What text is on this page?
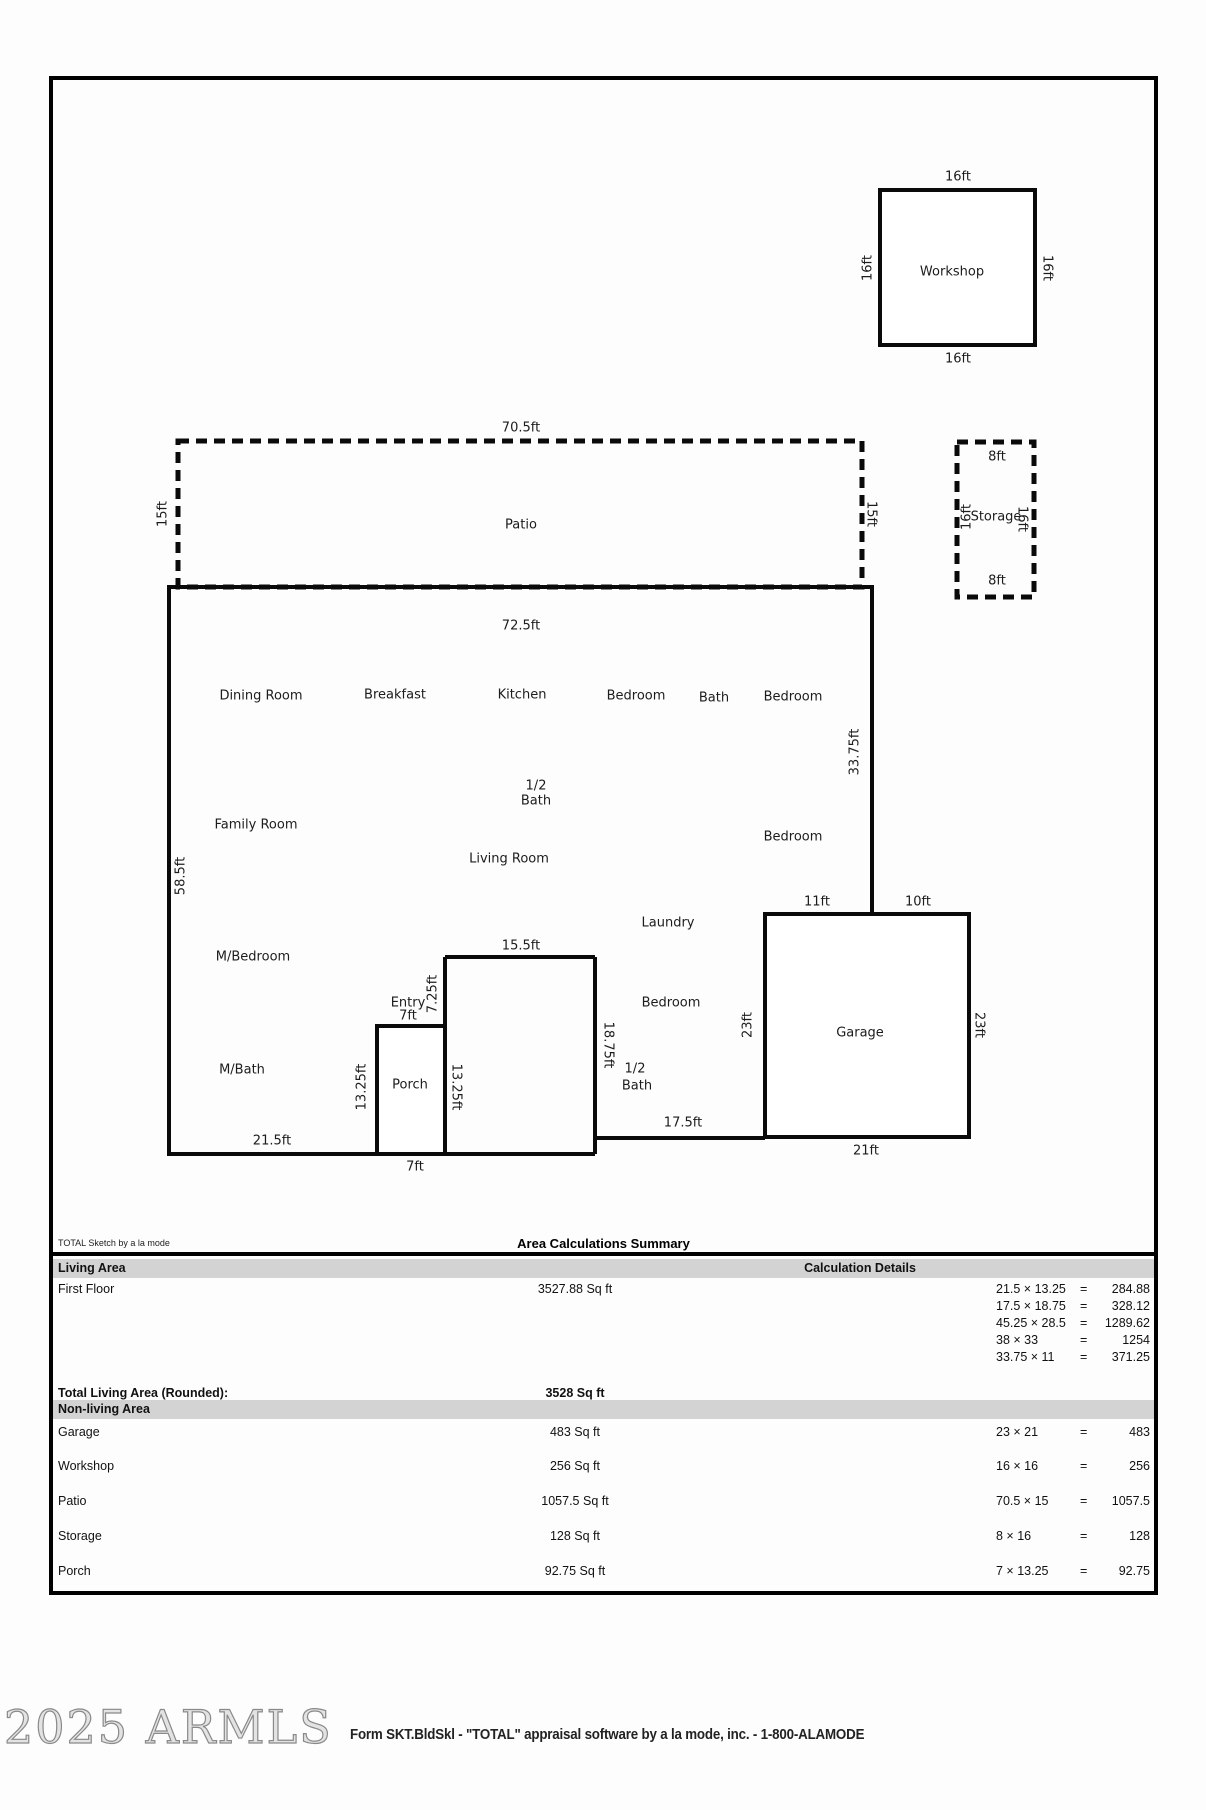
16ft
Workshop
16ft	16ft
16ft
70.5ft
15ft	Patio	15ft
8ft
16ft
Storage
16ft
8ft
72.5ft
Dining Room	Breakfast	Kitchen	Bedroom	Bath	Bedroom
33.75ft
1/2
Bath
Family Room
Living Room
58.5ft
Bedroom
Laundry
M/Bedroom
15.5ft
11ft	10ft
Entry
7ft
7.25ft	Bedroom
18.75ft
1/2
Bath
Garage
23ft	23ft
M/Bath	13.25ft Porch 13.25ft
17.5ft
21.5ft
21ft
7ft
TOTAL Sketch by a la mode	Area Calculations Summary
Living Area	Calculation Details
First Floor	3527.88 Sq ft	21.5 × 13.25 = 284.88
17.5 × 18.75 = 328.12
45.25 × 28.5 = 1289.62
38 × 33	=	1254
33.75 × 11 = 371.25
Total Living Area (Rounded):	3528 Sq ft
Non-living Area
Garage	483 Sq ft	23 × 21	=	483
Workshop	256 Sq ft	16 × 16	=	256
Patio	1057.5 Sq ft	70.5 × 15	= 1057.5
Storage	128 Sq ft	8 × 16	=	128
Porch	92.75 Sq ft	7 × 13.25	=	92.75
2025 ARMLS Form SKT.BldSkl - "TOTAL" appraisal software by a la mode, inc. - 1-800-ALAMODE
